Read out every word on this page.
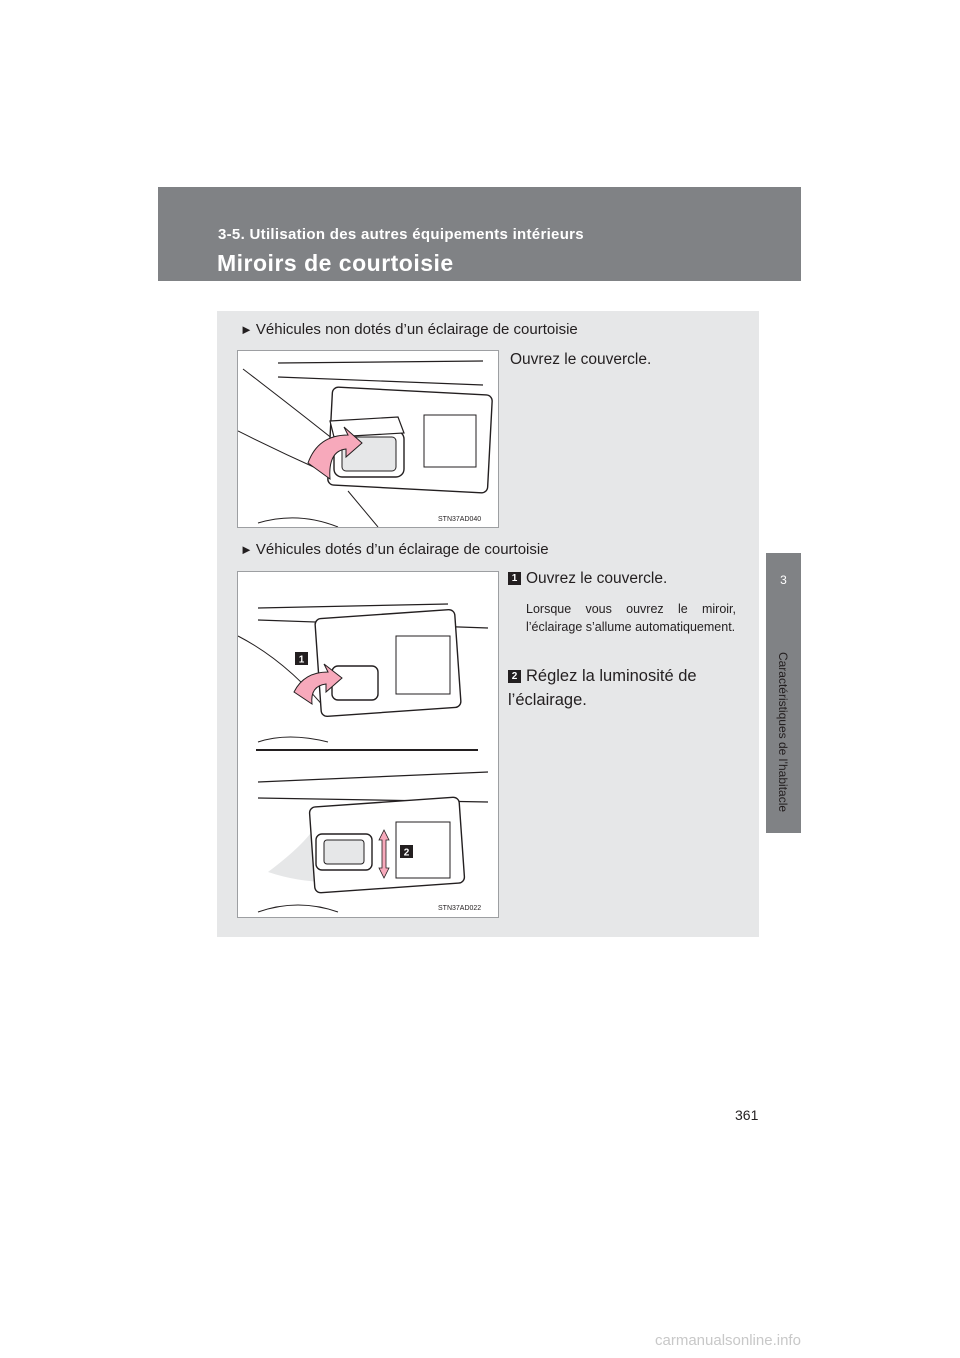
3-5. Utilisation des autres équipements intérieurs
Miroirs de courtoisie
3
Caractéristiques de l’habitacle
► Véhicules non dotés d’un éclairage de courtoisie
STN37AD040
Ouvrez le couvercle.
► Véhicules dotés d’un éclairage de courtoisie
1
2
STN37AD022
1 Ouvrez le couvercle.
Lorsque vous ouvrez le miroir, l’éclairage s’allume automatiquement.
2 Réglez la luminosité de l’éclairage.
361
carmanualsonline.info
